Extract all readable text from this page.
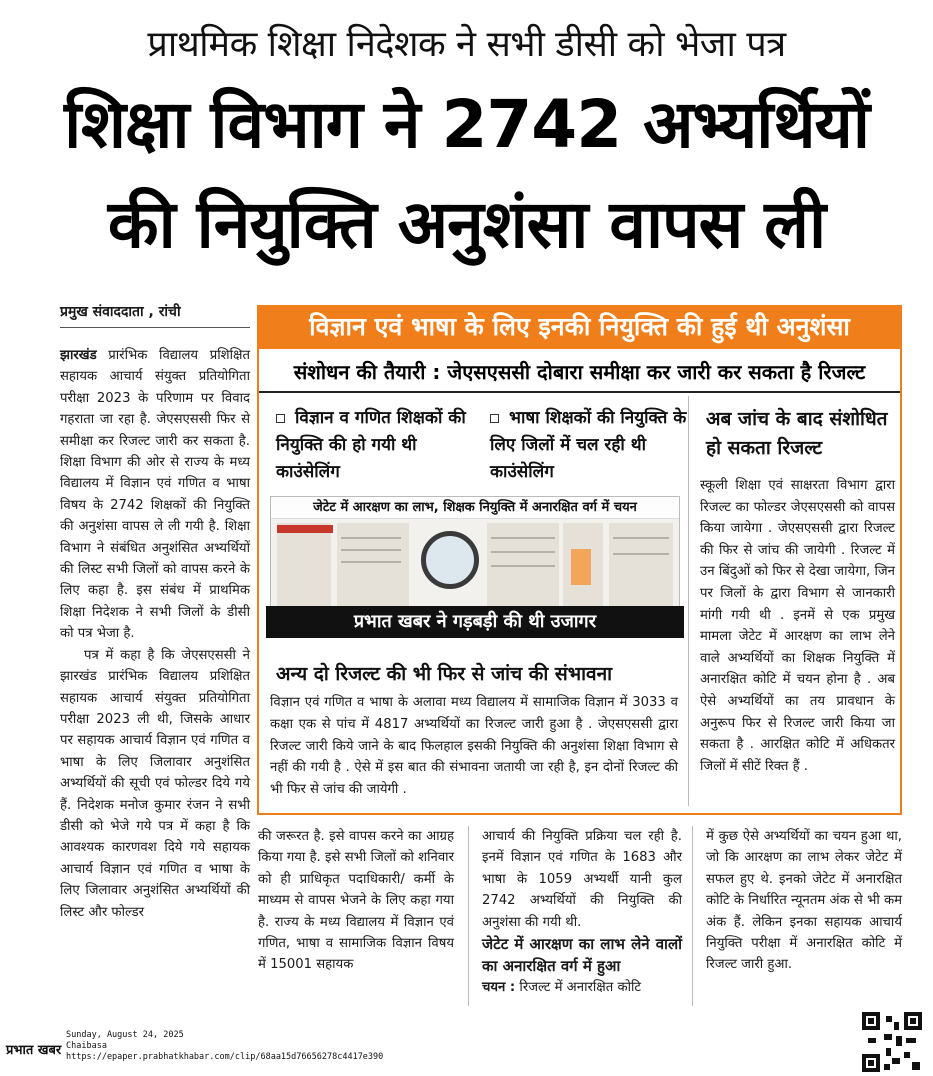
प्राथमिक शिक्षा निदेशक ने सभी डीसी को भेजा पत्र
शिक्षा विभाग ने 2742 अभ्यर्थियों
की नियुक्ति अनुशंसा वापस ली
प्रमुख संवाददाता , रांची

झारखंड प्रारंभिक विद्यालय प्रशिक्षित सहायक आचार्य संयुक्त प्रतियोगिता परीक्षा 2023 के परिणाम पर विवाद गहराता जा रहा है. जेएसएससी फिर से समीक्षा कर रिजल्ट जारी कर सकता है. शिक्षा विभाग की ओर से राज्य के मध्य विद्यालय में विज्ञान एवं गणित व भाषा विषय के 2742 शिक्षकों की नियुक्ति की अनुशंसा वापस ले ली गयी है. शिक्षा विभाग ने संबंधित अनुशंसित अभ्यर्थियों की लिस्ट सभी जिलों को वापस करने के लिए कहा है. इस संबंध में प्राथमिक शिक्षा निदेशक ने सभी जिलों के डीसी को पत्र भेजा है.

पत्र में कहा है कि जेएसएससी ने झारखंड प्रारंभिक विद्यालय प्रशिक्षित सहायक आचार्य संयुक्त प्रतियोगिता परीक्षा 2023 ली थी, जिसके आधार पर सहायक आचार्य विज्ञान एवं गणित व भाषा के लिए जिलावार अनुशंसित अभ्यर्थियों की सूची एवं फोल्डर दिये गये हैं. निदेशक मनोज कुमार रंजन ने सभी डीसी को भेजे गये पत्र में कहा है कि आवश्यक कारणवश दिये गये सहायक आचार्य विज्ञान एवं गणित व भाषा के लिए जिलावार अनुशंसित अभ्यर्थियों की लिस्ट और फोल्डर

विज्ञान एवं भाषा के लिए इनकी नियुक्ति की हुई थी अनुशंसा
संशोधन की तैयारी : जेएसएससी दोबारा समीक्षा कर जारी कर सकता है रिजल्ट
विज्ञान व गणित शिक्षकों की नियुक्ति की हो गयी थी काउंसेलिंग
भाषा शिक्षकों की नियुक्ति के लिए जिलों में चल रही थी काउंसेलिंग
अब जांच के बाद संशोधित हो सकता रिजल्ट
जेटेट में आरक्षण का लाभ, शिक्षक नियुक्ति में अनारक्षित वर्ग में चयन
प्रभात खबर ने गड़बड़ी की थी उजागर
अन्य दो रिजल्ट की भी फिर से जांच की संभावना
विज्ञान एवं गणित व भाषा के अलावा मध्य विद्यालय में सामाजिक विज्ञान में 3033 व कक्षा एक से पांच में 4817 अभ्यर्थियों का रिजल्ट जारी हुआ है . जेएसएससी द्वारा रिजल्ट जारी किये जाने के बाद फिलहाल इसकी नियुक्ति की अनुशंसा शिक्षा विभाग से नहीं की गयी है . ऐसे में इस बात की संभावना जतायी जा रही है, इन दोनों रिजल्ट की भी फिर से जांच की जायेगी .
स्कूली शिक्षा एवं साक्षरता विभाग द्वारा रिजल्ट का फोल्डर जेएसएससी को वापस किया जायेगा . जेएसएससी द्वारा रिजल्ट की फिर से जांच की जायेगी . रिजल्ट में उन बिंदुओं को फिर से देखा जायेगा, जिन पर जिलों के द्वारा विभाग से जानकारी मांगी गयी थी . इनमें से एक प्रमुख मामला जेटेट में आरक्षण का लाभ लेने वाले अभ्यर्थियों का शिक्षक नियुक्ति में अनारक्षित कोटि में चयन होना है . अब ऐसे अभ्यर्थियों का तय प्रावधान के अनुरूप फिर से रिजल्ट जारी किया जा सकता है . आरक्षित कोटि में अधिकतर जिलों में सीटें रिक्त हैं .
की जरूरत है. इसे वापस करने का आग्रह किया गया है. इसे सभी जिलों को शनिवार को ही प्राधिकृत पदाधिकारी/ कर्मी के माध्यम से वापस भेजने के लिए कहा गया है. राज्य के मध्य विद्यालय में विज्ञान एवं गणित, भाषा व सामाजिक विज्ञान विषय में 15001 सहायक
आचार्य की नियुक्ति प्रक्रिया चल रही है. इनमें विज्ञान एवं गणित के 1683 और भाषा के 1059 अभ्यर्थी यानी कुल 2742 अभ्यर्थियों की नियुक्ति की अनुशंसा की गयी थी.
जेटेट में आरक्षण का लाभ लेने वालों का अनारक्षित वर्ग में हुआ
चयन : रिजल्ट में अनारक्षित कोटि
में कुछ ऐसे अभ्यर्थियों का चयन हुआ था, जो कि आरक्षण का लाभ लेकर जेटेट में सफल हुए थे. इनको जेटेट में अनारक्षित कोटि के निर्धारित न्यूनतम अंक से भी कम अंक हैं. लेकिन इनका सहायक आचार्य नियुक्ति परीक्षा में अनारक्षित कोटि में रिजल्ट जारी हुआ.
प्रभात खबर
Sunday, August 24, 2025
Chaibasa
https://epaper.prabhatkhabar.com/clip/68aa15d76656278c4417e390
